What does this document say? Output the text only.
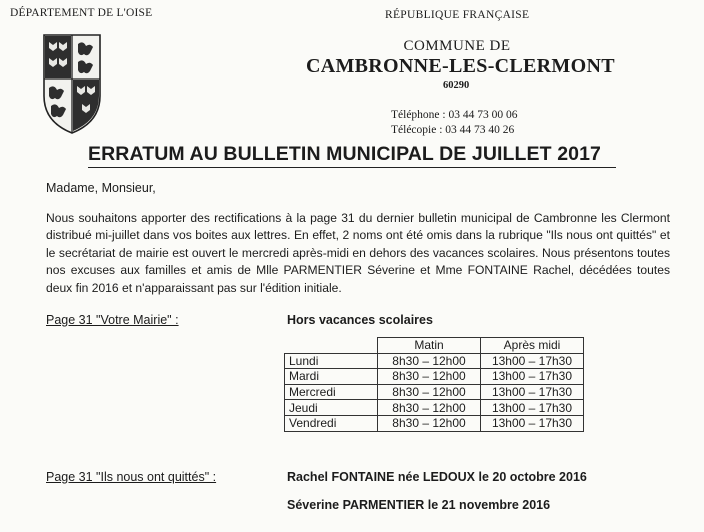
DÉPARTEMENT DE L'OISE	RÉPUBLIQUE FRANÇAISE
COMMUNE DE
CAMBRONNE-LES-CLERMONT
60290
Téléphone : 03 44 73 00 06
Télécopie : 03 44 73 40 26
ERRATUM AU BULLETIN MUNICIPAL DE JUILLET 2017
Madame, Monsieur,
Nous souhaitons apporter des rectifications à la page 31 du dernier bulletin municipal de Cambronne les Clermont distribué mi-juillet dans vos boites aux lettres. En effet, 2 noms ont été omis dans la rubrique "Ils nous ont quittés" et le secrétariat de mairie est ouvert le mercredi après-midi en dehors des vacances scolaires. Nous présentons toutes nos excuses aux familles et amis de Mlle PARMENTIER Séverine et Mme FONTAINE Rachel, décédées toutes deux fin 2016 et n'apparaissant pas sur l'édition initiale.
Page 31 "Votre Mairie" :	Hors vacances scolaires
	Matin	Après midi
Lundi	8h30 – 12h00	13h00 – 17h30
Mardi	8h30 – 12h00	13h00 – 17h30
Mercredi	8h30 – 12h00	13h00 – 17h30
Jeudi	8h30 – 12h00	13h00 – 17h30
Vendredi	8h30 – 12h00	13h00 – 17h30
Page 31 "Ils nous ont quittés" :	Rachel FONTAINE née LEDOUX le 20 octobre 2016
Séverine PARMENTIER le 21 novembre 2016
